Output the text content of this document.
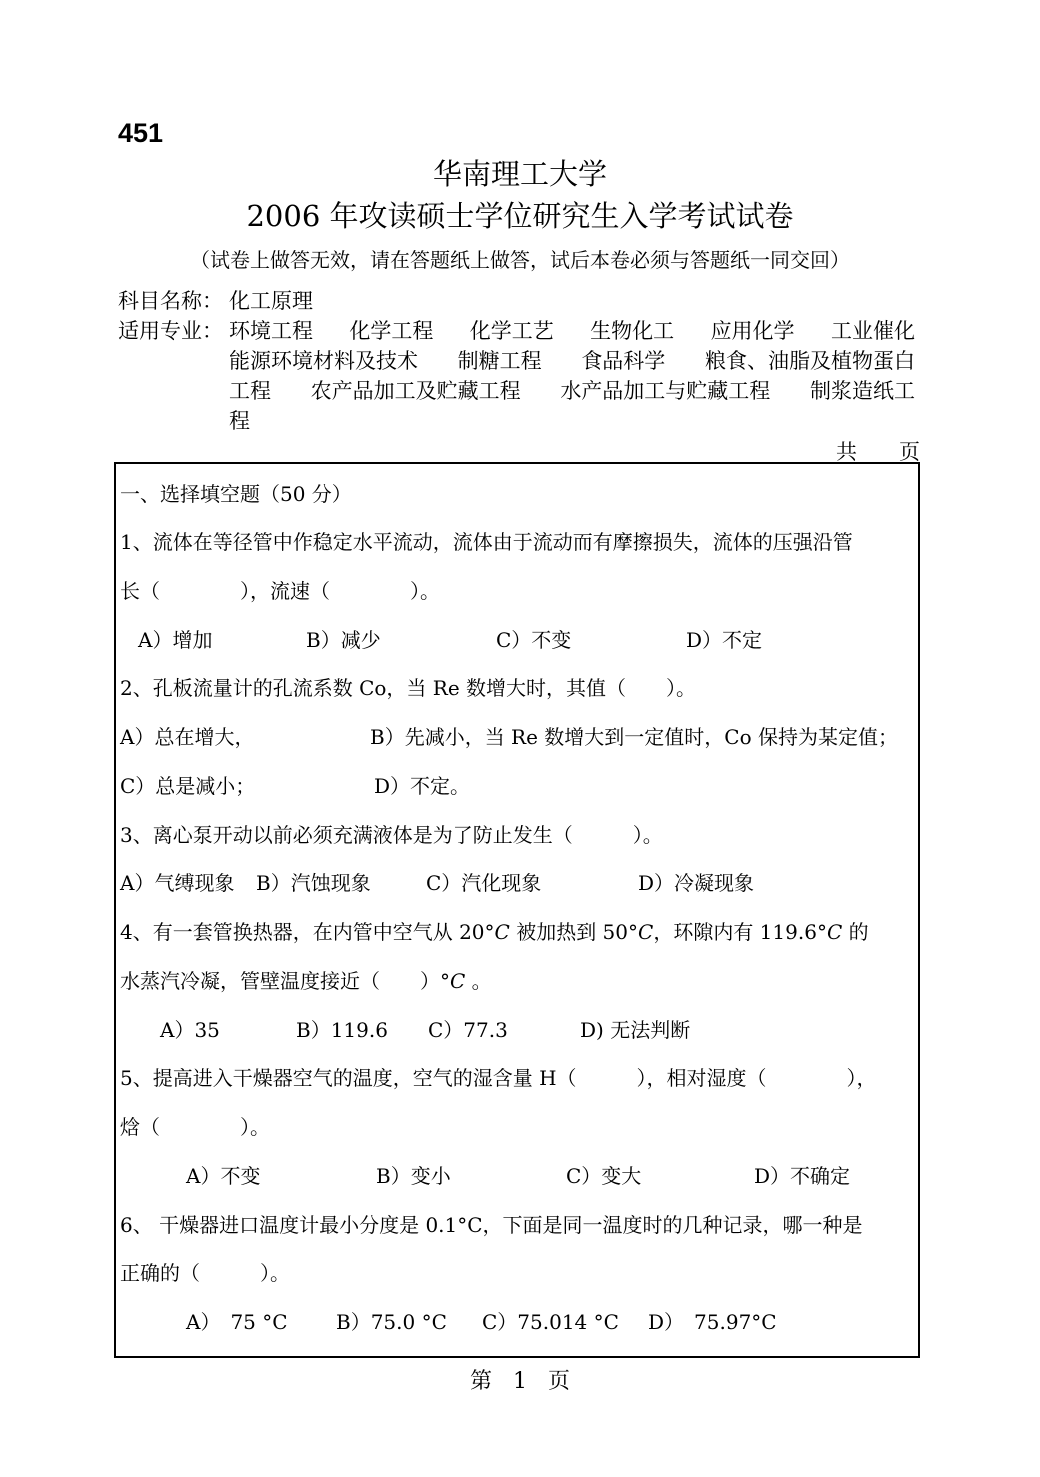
451
华南理工大学
2006 年攻读硕士学位研究生入学考试试卷
（试卷上做答无效，请在答题纸上做答，试后本卷必须与答题纸一同交回）
科目名称： 化工原理
适用专业： 环境工程 化学工程 化学工艺 生物化工 应用化学 工业催化
能源环境材料及技术 制糖工程 食品科学 粮食、油脂及植物蛋白
工程 农产品加工及贮藏工程 水产品加工与贮藏工程 制浆造纸工
程
共 页
一、选择填空题（50 分）
1、流体在等径管中作稳定水平流动，流体由于流动而有摩擦损失，流体的压强沿管
长（　　　　），流速（　　　　）。
A）增加	B）减少	C）不变	D）不定
2、孔板流量计的孔流系数 Co，当 Re 数增大时，其值（　　）。
A）总在增大，	B）先减小，当 Re 数增大到一定值时，Co 保持为某定值；
C）总是减小；	D）不定。
3、离心泵开动以前必须充满液体是为了防止发生（　　　）。
A）气缚现象 B）汽蚀现象	C）汽化现象	D）冷凝现象
4、有一套管换热器，在内管中空气从 20°C 被加热到 50°C，环隙内有 119.6°C 的
水蒸汽冷凝，管壁温度接近（　　）°C 。
A）35	B）119.6 C）77.3	D) 无法判断
5、提高进入干燥器空气的温度，空气的湿含量 H（　　　），相对湿度（　　　　），
焓（　　　　）。
A）不变	B）变小	C）变大	D）不确定
6、 干燥器进口温度计最小分度是 0.1°C，下面是同一温度时的几种记录，哪一种是
正确的（　　　）。
A）　75 °C B）75.0 °C C）75.014 °C D）　75.97°C
第 1 页
